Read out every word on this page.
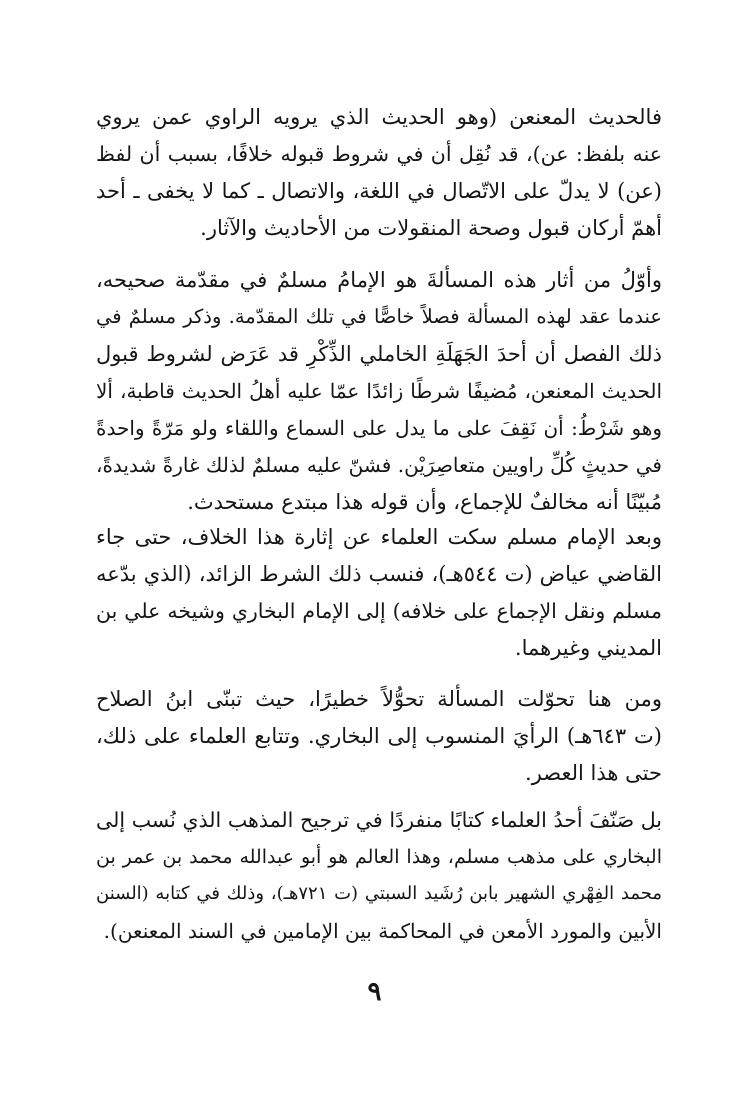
فالحديث المعنعن (وهو الحديث الذي يرويه الراوي عمن يروي
عنه بلفظ: عن)، قد نُقِل أن في شروط قبوله خلافًا، بسبب أن لفظ
(عن) لا يدلّ على الاتّصال في اللغة، والاتصال ـ كما لا يخفى ـ أحد
أهمّ أركان قبول وصحة المنقولات من الأحاديث والآثار.
وأوّلُ من أثار هذه المسألةَ هو الإمامُ مسلمٌ في مقدّمة صحيحه،
عندما عقد لهذه المسألة فصلاً خاصًّا في تلك المقدّمة. وذكر مسلمٌ في
ذلك الفصل أن أحدَ الجَهَلَةِ الخاملي الذِّكْرِ قد عَرَض لشروط قبول
الحديث المعنعن، مُضيفًا شرطًا زائدًا عمّا عليه أهلُ الحديث قاطبة، ألا
وهو شَرْطُ: أن نَقِفَ على ما يدل على السماع واللقاء ولو مَرّةً واحدةً
في حديثٍ كُلِّ راويين متعاصِرَيْن. فشنّ عليه مسلمٌ لذلك غارةً شديدةً،
مُبيّنًا أنه مخالفٌ للإجماع، وأن قوله هذا مبتدع مستحدث.
وبعد الإمام مسلم سكت العلماء عن إثارة هذا الخلاف، حتى جاء
القاضي عياض (ت ٥٤٤هـ)، فنسب ذلك الشرط الزائد، (الذي بدّعه
مسلم ونقل الإجماع على خلافه) إلى الإمام البخاري وشيخه علي بن
المديني وغيرهما.
ومن هنا تحوّلت المسألة تحوُّلاً خطيرًا، حيث تبنّى ابنُ الصلاح
(ت ٦٤٣هـ) الرأيَ المنسوب إلى البخاري. وتتابع العلماء على ذلك،
حتى هذا العصر.
بل صَنّفَ أحدُ العلماء كتابًا منفردًا في ترجيح المذهب الذي نُسب إلى
البخاري على مذهب مسلم، وهذا العالم هو أبو عبدالله محمد بن عمر بن
محمد الفِهْري الشهير بابن رُشَيد السبتي (ت ٧٢١هـ)، وذلك في كتابه (السنن
الأبين والمورد الأمعن في المحاكمة بين الإمامين في السند المعنعن).
٩
